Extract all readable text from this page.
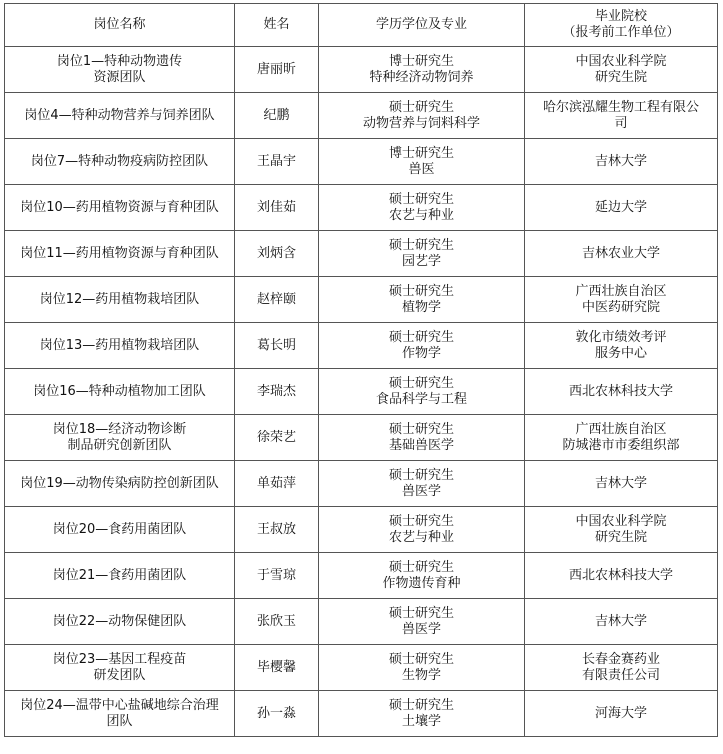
岗位名称	姓名	学历学位及专业	毕业院校
（报考前工作单位）

岗位1—特种动物遗传
资源团队	唐丽昕	博士研究生
特种经济动物饲养	中国农业科学院
研究生院

岗位4—特种动物营养与饲养团队	纪鹏	硕士研究生
动物营养与饲料科学	哈尔滨泓耀生物工程有限公
司

岗位7—特种动物疫病防控团队	王晶宇	博士研究生
兽医	吉林大学

岗位10—药用植物资源与育种团队	刘佳茹	硕士研究生
农艺与种业	延边大学

岗位11—药用植物资源与育种团队	刘炳含	硕士研究生
园艺学	吉林农业大学

岗位12—药用植物栽培团队	赵梓颐	硕士研究生
植物学	广西壮族自治区
中医药研究院

岗位13—药用植物栽培团队	葛长明	硕士研究生
作物学	敦化市绩效考评
服务中心

岗位16—特种动植物加工团队	李瑞杰	硕士研究生
食品科学与工程	西北农林科技大学

岗位18—经济动物诊断
制品研究创新团队	徐荣艺	硕士研究生
基础兽医学	广西壮族自治区
防城港市市委组织部

岗位19—动物传染病防控创新团队	单茹萍	硕士研究生
兽医学	吉林大学

岗位20—食药用菌团队	王叔放	硕士研究生
农艺与种业	中国农业科学院
研究生院

岗位21—食药用菌团队	于雪琼	硕士研究生
作物遗传育种	西北农林科技大学

岗位22—动物保健团队	张欣玉	硕士研究生
兽医学	吉林大学

岗位23—基因工程疫苗
研发团队	毕樱馨	硕士研究生
生物学	长春金赛药业
有限责任公司

岗位24—温带中心盐碱地综合治理
团队	孙一淼	硕士研究生
土壤学	河海大学
